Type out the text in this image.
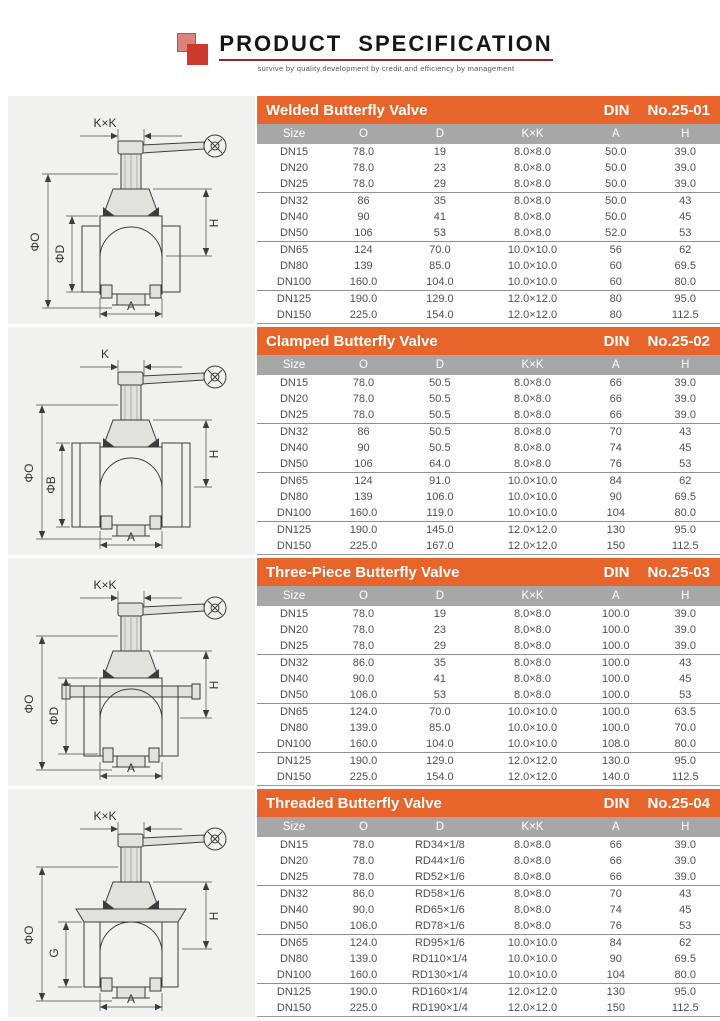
PRODUCT SPECIFICATION
survive by quality,development by credit,and efficiency by management
ΦO
ΦD
H
K×K
A
Welded Butterfly Valve	DIN No.25-01
Size	O	D	K×K	A	H
DN15	78.0	19	8.0×8.0	50.0	39.0
DN20	78.0	23	8.0×8.0	50.0	39.0
DN25	78.0	29	8.0×8.0	50.0	39.0
DN32	86	35	8.0×8.0	50.0	43
DN40	90	41	8.0×8.0	50.0	45
DN50	106	53	8.0×8.0	52.0	53
DN65	124	70.0	10.0×10.0	56	62
DN80	139	85.0	10.0×10.0	60	69.5
DN100	160.0	104.0	10.0×10.0	60	80.0
DN125	190.0	129.0	12.0×12.0	80	95.0
DN150	225.0	154.0	12.0×12.0	80	112.5
ΦO
ΦB
H
K
A
Clamped Butterfly Valve	DIN No.25-02
Size	O	D	K×K	A	H
DN15	78.0	50.5	8.0×8.0	66	39.0
DN20	78.0	50.5	8.0×8.0	66	39.0
DN25	78.0	50.5	8.0×8.0	66	39.0
DN32	86	50.5	8.0×8.0	70	43
DN40	90	50.5	8.0×8.0	74	45
DN50	106	64.0	8.0×8.0	76	53
DN65	124	91.0	10.0×10.0	84	62
DN80	139	106.0	10.0×10.0	90	69.5
DN100	160.0	119.0	10.0×10.0	104	80.0
DN125	190.0	145.0	12.0×12.0	130	95.0
DN150	225.0	167.0	12.0×12.0	150	112.5
ΦO
ΦD
H
K×K
A
Three-Piece Butterfly Valve	DIN No.25-03
Size	O	D	K×K	A	H
DN15	78.0	19	8.0×8.0	100.0	39.0
DN20	78.0	23	8.0×8.0	100.0	39.0
DN25	78.0	29	8.0×8.0	100.0	39.0
DN32	86.0	35	8.0×8.0	100.0	43
DN40	90.0	41	8.0×8.0	100.0	45
DN50	106.0	53	8.0×8.0	100.0	53
DN65	124.0	70.0	10.0×10.0	100.0	63.5
DN80	139.0	85.0	10.0×10.0	100.0	70.0
DN100	160.0	104.0	10.0×10.0	108.0	80.0
DN125	190.0	129.0	12.0×12.0	130.0	95.0
DN150	225.0	154.0	12.0×12.0	140.0	112.5
ΦO
G
H
K×K
A
Threaded Butterfly Valve	DIN No.25-04
Size	O	D	K×K	A	H
DN15	78.0	RD34×1/8	8.0×8.0	66	39.0
DN20	78.0	RD44×1/6	8.0×8.0	66	39.0
DN25	78.0	RD52×1/6	8.0×8.0	66	39.0
DN32	86.0	RD58×1/6	8.0×8.0	70	43
DN40	90.0	RD65×1/6	8.0×8.0	74	45
DN50	106.0	RD78×1/6	8.0×8.0	76	53
DN65	124.0	RD95×1/6	10.0×10.0	84	62
DN80	139.0	RD110×1/4	10.0×10.0	90	69.5
DN100	160.0	RD130×1/4	10.0×10.0	104	80.0
DN125	190.0	RD160×1/4	12.0×12.0	130	95.0
DN150	225.0	RD190×1/4	12.0×12.0	150	112.5
